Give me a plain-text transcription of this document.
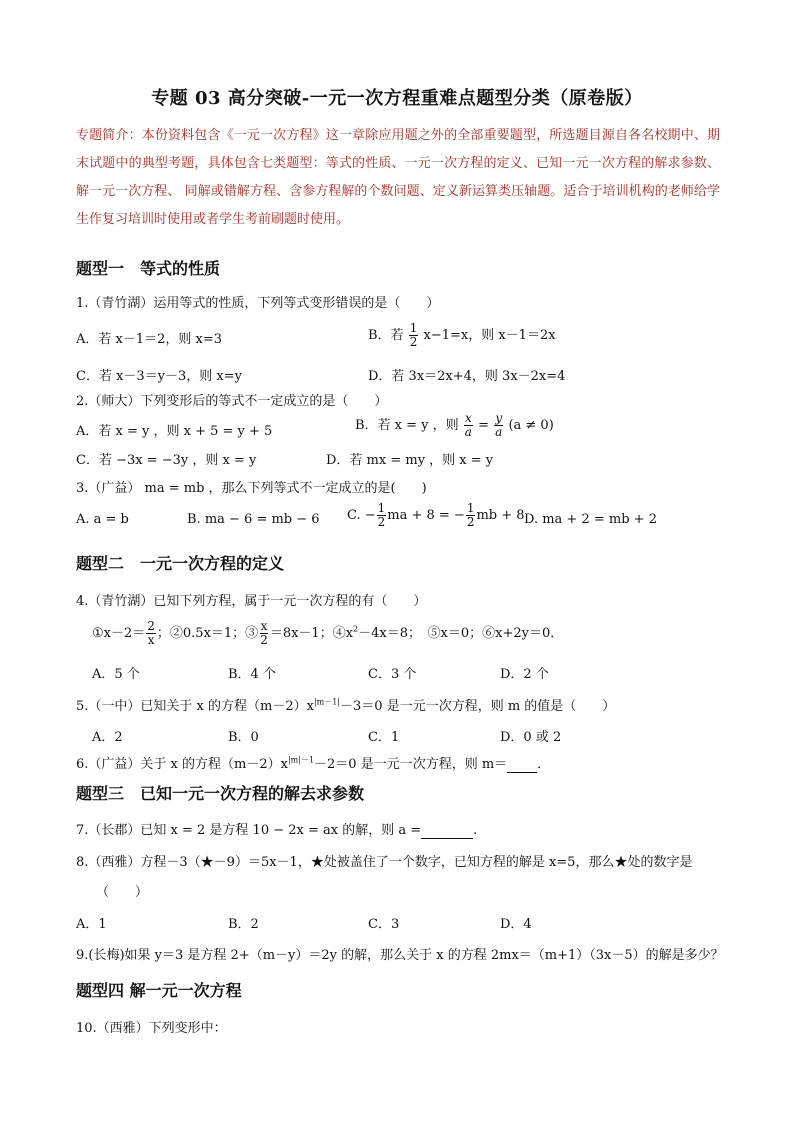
专题 03 高分突破-一元一次方程重难点题型分类（原卷版）
专题简介：本份资料包含《一元一次方程》这一章除应用题之外的全部重要题型，所选题目源自各名校期中、期末试题中的典型考题，具体包含七类题型：等式的性质、一元一次方程的定义、已知一元一次方程的解求参数、解一元一次方程、 同解或错解方程、含参方程解的个数问题、定义新运算类压轴题。适合于培训机构的老师给学生作复习培训时使用或者学生考前刷题时使用。
题型一　等式的性质
1.（青竹湖）运用等式的性质，下列等式变形错误的是（　　）
A．若 x－1＝2，则 x=3	B．若 $\frac{1}{2} x-1=x$，则 x－1＝2x
C．若 x－3＝y－3，则 x=y	D．若 3x＝2x+4，则 3x－2x=4
2.（师大）下列变形后的等式不一定成立的是（　　）
A．若 x = y ，则 x + 5 = y + 5	B．若 x = y ，则 $\frac{x}{a} = \frac{y}{a} (a \ne 0)$
C．若 −3x = −3y ，则 x = y	D．若 mx = my ，则 x = y
3.（广益） ma = mb ，那么下列等式不一定成立的是(　　)
A. a = b	B. ma − 6 = mb − 6 C. − $\frac{1}{2}$ ma + 8 = − $\frac{1}{2}$ mb + 8 D. ma + 2 = mb + 2
题型二　一元一次方程的定义
4.（青竹湖）已知下列方程，属于一元一次方程的有（　　）
①x－2＝ $\frac{2}{x}$ ；②0.5x＝1；③ $\frac{x}{2} =8x-1$；$④x^2-4x=8$；　⑤x＝0；⑥x+2y＝0．
A．5 个	B．4 个	C．3 个	D．2 个
5.（一中）已知关于 x 的方程$(m-2)x^{|m-1|}-3=0$ 是一元一次方程，则 m 的值是（　　）
A．2	B．0	C．1	D．0 或 2
6.（广益）关于 x 的方程$(m-2)x^{|m|-1}-2=0$ 是一元一次方程，则 m＝ ．
题型三　已知一元一次方程的解去求参数
7.（长郡）已知 x = 2 是方程 10 − 2x = ax 的解，则 a =	.
8.（西雅）方程－3（★－9）＝5x－1，★处被盖住了一个数字，已知方程的解是 x=5，那么★处的数字是
（　　）
A．1	B．2	C．3	D．4
9.(长梅)如果 y＝3 是方程 2+（m－y）＝2y 的解，那么关于 x 的方程 2mx＝（m+1）（3x－5）的解是多少？
题型四 解一元一次方程
10.（西雅）下列变形中：
